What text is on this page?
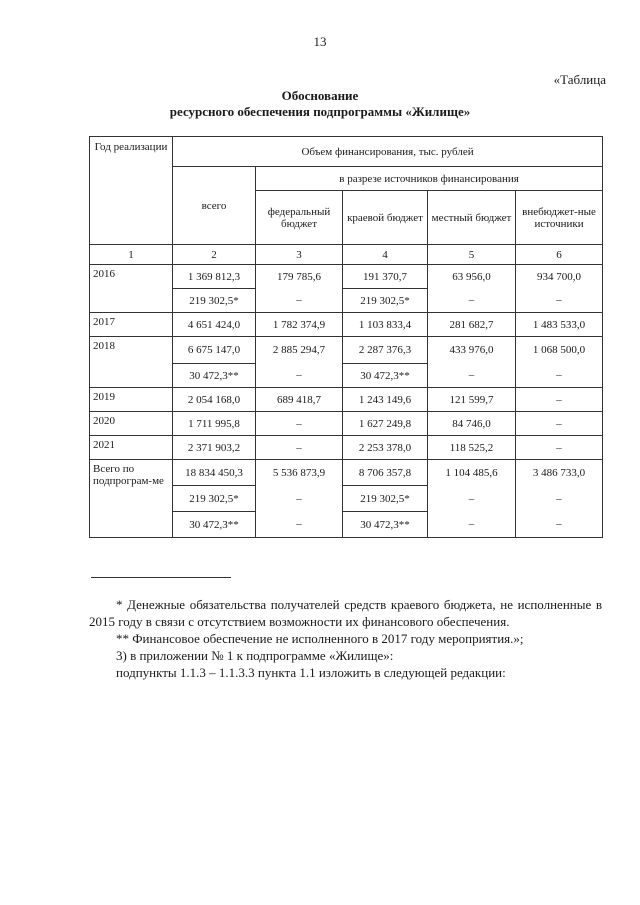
13
«Таблица
Обоснование
ресурсного обеспечения подпрограммы «Жилище»
Год реализации	Объем финансирования, тыс. рублей				
	всего	в разрезе источников финансирования			
		федеральный бюджет	краевой бюджет	местный бюджет	внебюджет-ные источники
1	2	3	4	5	6
2016	1 369 812,3	179 785,6	191 370,7	63 956,0	934 700,0
	219 302,5*	–	219 302,5*	–	–
2017	4 651 424,0	1 782 374,9	1 103 833,4	281 682,7	1 483 533,0
2018	6 675 147,0	2 885 294,7	2 287 376,3	433 976,0	1 068 500,0
	30 472,3**	–	30 472,3**	–	–
2019	2 054 168,0	689 418,7	1 243 149,6	121 599,7	–
2020	1 711 995,8	–	1 627 249,8	84 746,0	–
2021	2 371 903,2	–	2 253 378,0	118 525,2	–
Всего по подпрограм-ме	18 834 450,3	5 536 873,9	8 706 357,8	1 104 485,6	3 486 733,0
	219 302,5*	–	219 302,5*	–	–
	30 472,3**	–	30 472,3**	–	–

* Денежные обязательства получателей средств краевого бюджета, не исполненные в 2015 году в связи с отсутствием возможности их финансового обеспечения.

** Финансовое обеспечение не исполненного в 2017 году мероприятия.»;

3) в приложении № 1 к подпрограмме «Жилище»:

подпункты 1.1.3 – 1.1.3.3 пункта 1.1 изложить в следующей редакции:
